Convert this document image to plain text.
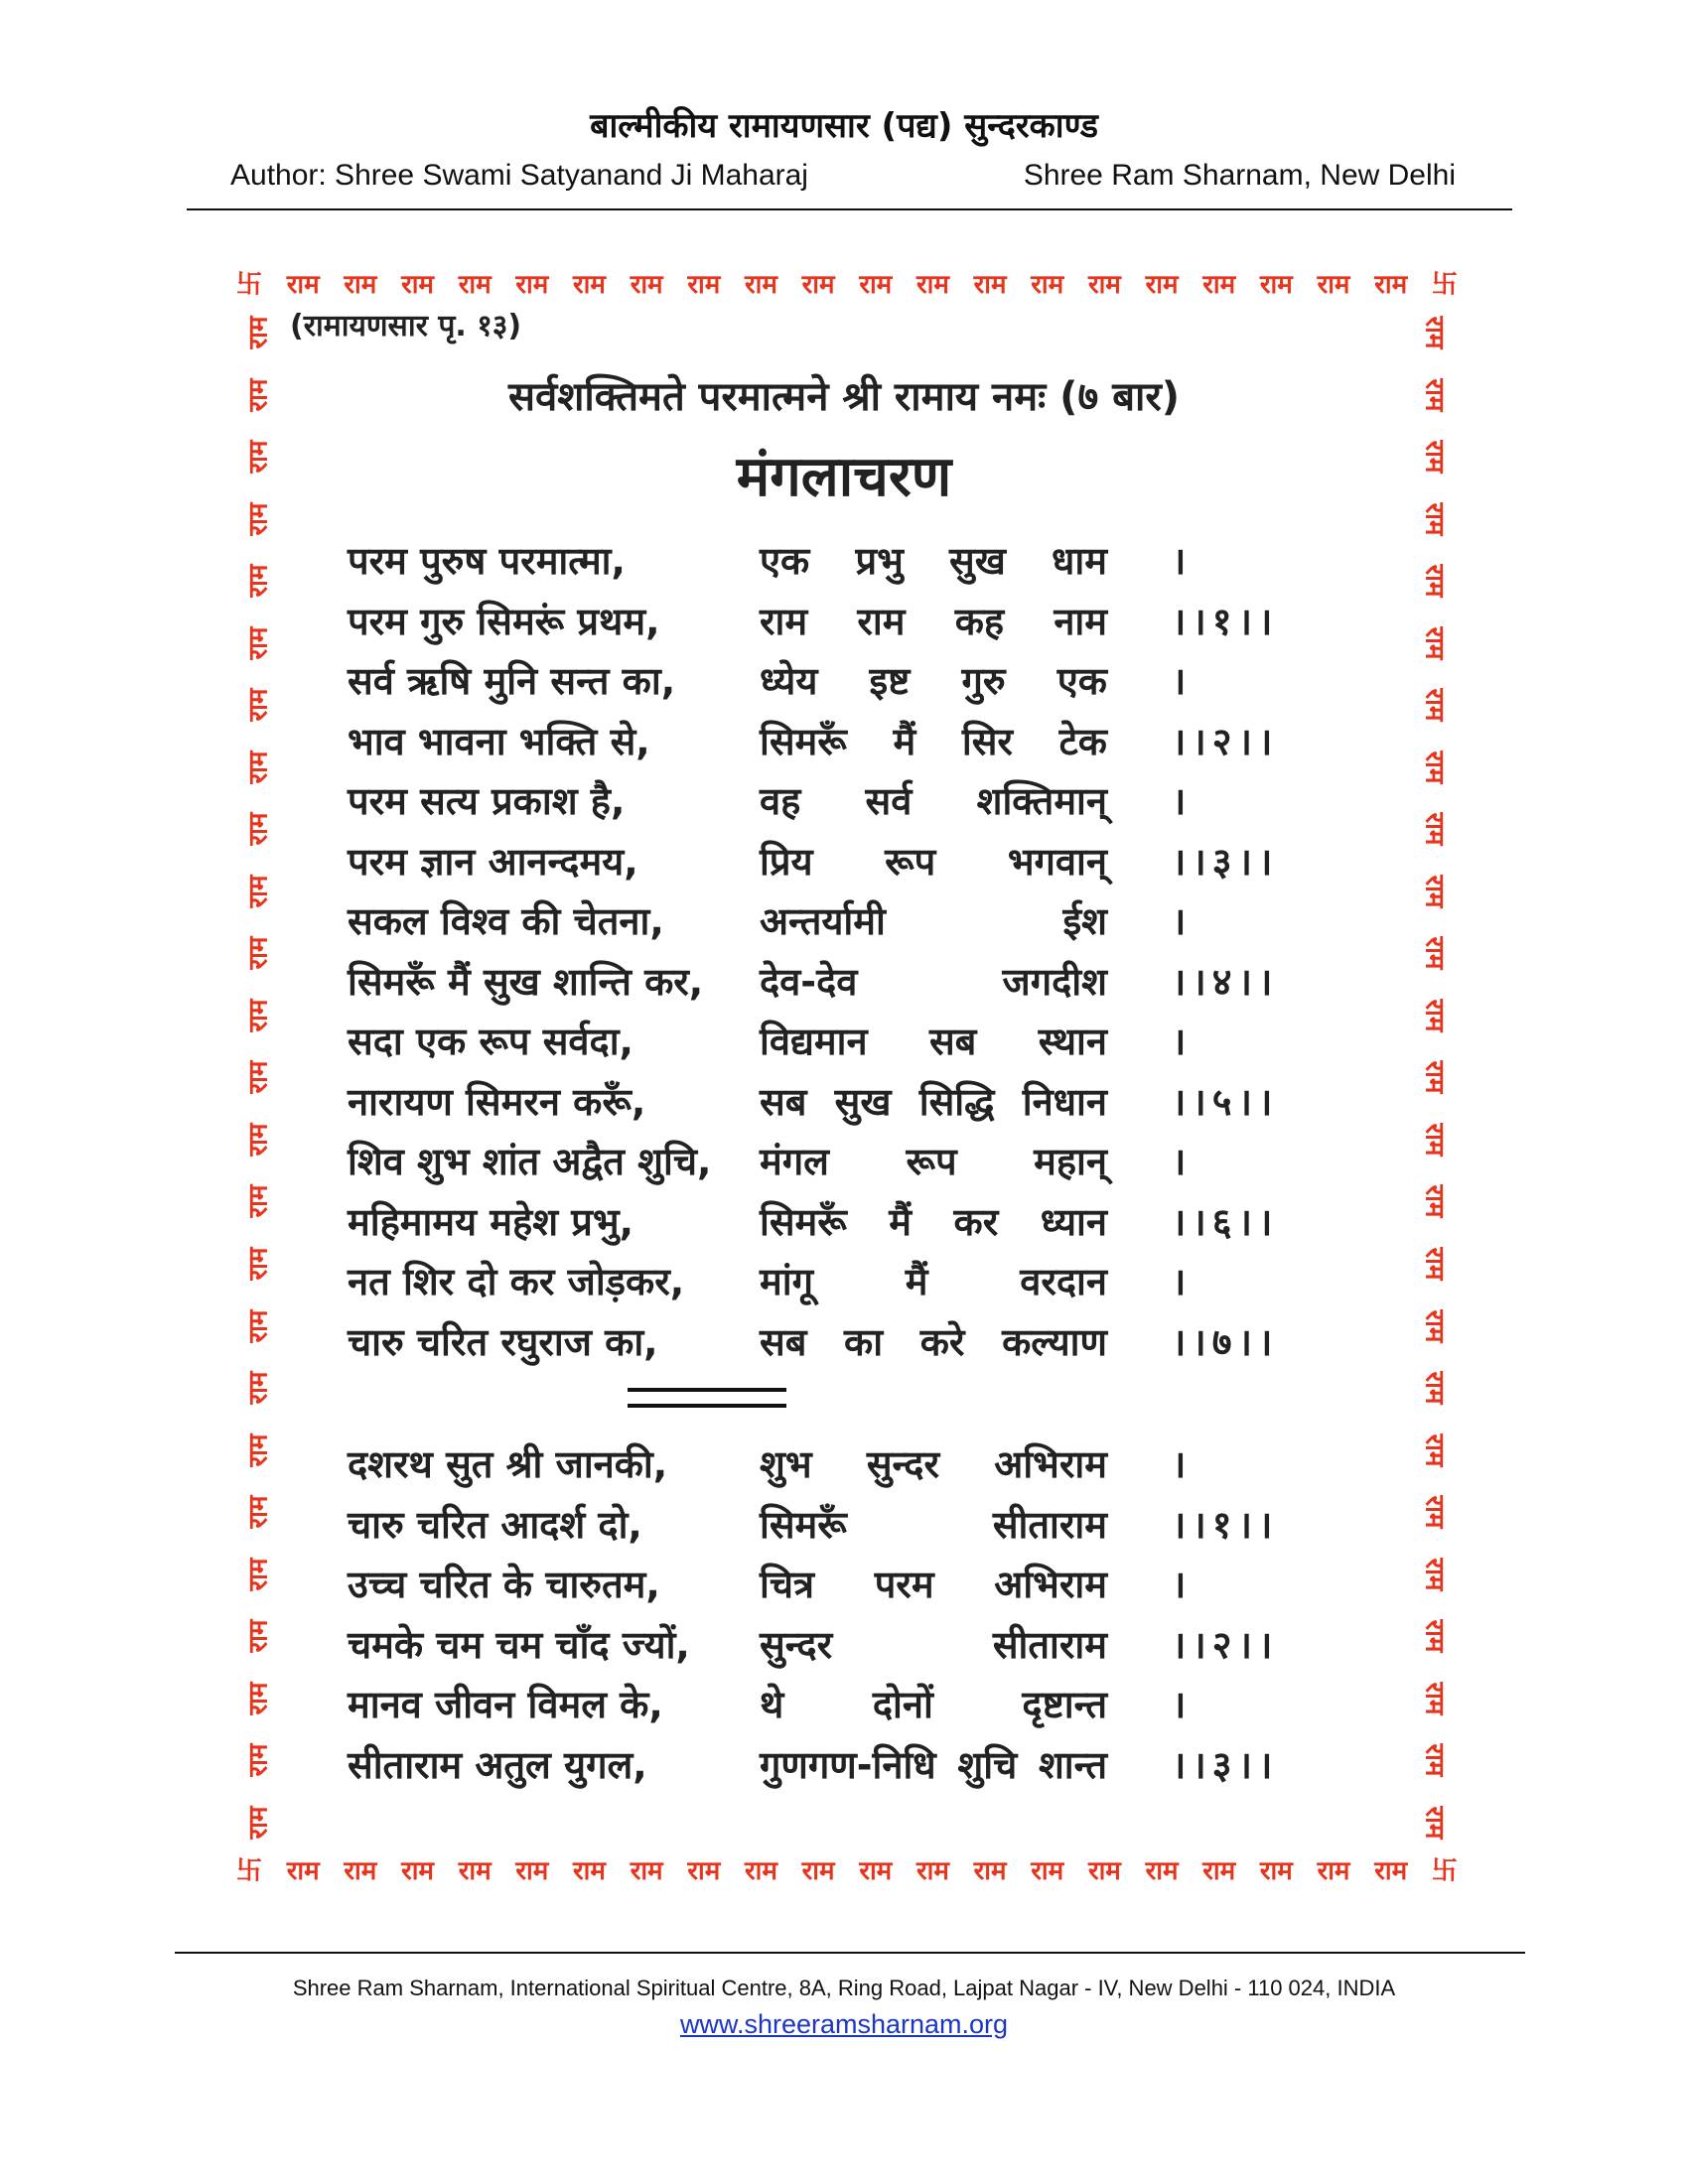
बाल्मीकीय रामायणसार (पद्य) सुन्दरकाण्ड
Author: Shree Swami Satyanand Ji Maharaj	Shree Ram Sharnam, New Delhi
卐 राम राम राम राम राम राम राम राम राम राम राम राम राम राम राम राम राम राम राम राम 卐
卐 राम राम राम राम राम राम राम राम राम राम राम राम राम राम राम राम राम राम राम राम 卐
राम
राम
राम
राम
राम
राम
राम
राम
राम
राम
राम
राम
राम
राम
राम
राम
राम
राम
राम
राम
राम
राम
राम
राम
राम
राम
राम
राम
राम
राम
राम
राम
राम
राम
राम
राम
राम
राम
राम
राम
राम
राम
राम
राम
राम
राम
राम
राम
राम
राम
(रामायणसार पृ. १३)
सर्वशक्तिमते परमात्मने श्री रामाय नमः (७ बार)
मंगलाचरण
परम पुरुष परमात्मा,	एक प्रभु सुख धाम ।
परम गुरु सिमरूं प्रथम,	राम राम कह नाम ।।१।।
सर्व ऋषि मुनि सन्त का,	ध्येय इष्ट गुरु एक ।
भाव भावना भक्ति से,	सिमरूँ मैं सिर टेक ।।२।।
परम सत्य प्रकाश है,	वह सर्व शक्तिमान् ।
परम ज्ञान आनन्दमय,	प्रिय रूप भगवान् ।।३।।
सकल विश्व की चेतना,	अन्तर्यामी ईश ।
सिमरूँ मैं सुख शान्ति कर,	देव-देव जगदीश ।।४।।
सदा एक रूप सर्वदा,	विद्यमान सब स्थान ।
नारायण सिमरन करूँ,	सब सुख सिद्धि निधान ।।५।।
शिव शुभ शांत अद्वैत शुचि,	मंगल रूप महान् ।
महिमामय महेश प्रभु,	सिमरूँ मैं कर ध्यान ।।६।।
नत शिर दो कर जोड़कर,	मांगू मैं वरदान ।
चारु चरित रघुराज का,	सब का करे कल्याण ।।७।।
दशरथ सुत श्री जानकी,	शुभ सुन्दर अभिराम ।
चारु चरित आदर्श दो,	सिमरूँ सीताराम ।।१।।
उच्च चरित के चारुतम,	चित्र परम अभिराम ।
चमके चम चम चाँद ज्यों,	सुन्दर सीताराम ।।२।।
मानव जीवन विमल के,	थे दोनों दृष्टान्त ।
सीताराम अतुल युगल,	गुणगण-निधि शुचि शान्त ।।३।।
Shree Ram Sharnam, International Spiritual Centre, 8A, Ring Road, Lajpat Nagar - IV, New Delhi - 110 024, INDIA
www.shreeramsharnam.org
